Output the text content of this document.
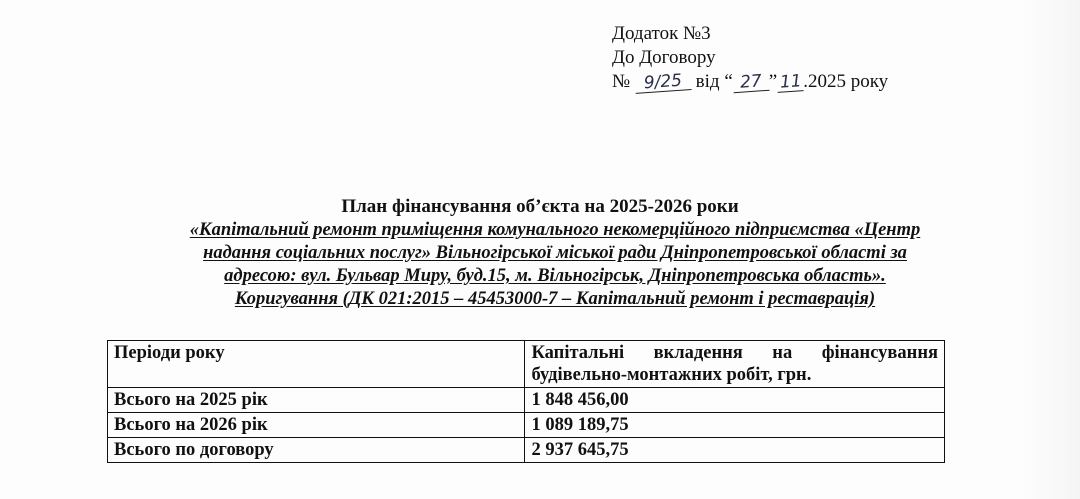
Додаток №3
До Договору
№ 9/25 від “ 27 ” 11.2025 року
План фінансування об’єкта на 2025-2026 роки
«Капітальний ремонт приміщення комунального некомерційного підприємства «Центр
надання соціальних послуг» Вільногірської міської ради Дніпропетровської області за
адресою: вул. Бульвар Миру, буд.15, м. Вільногірськ, Дніпропетровська область».
Коригування (ДК 021:2015 – 45453000-7 – Капітальний ремонт і реставрація)
Періоди року	Капітальні вкладення на фінансування будівельно-монтажних робіт, грн.
Всього на 2025 рік	1 848 456,00
Всього на 2026 рік	1 089 189,75
Всього по договору	2 937 645,75
